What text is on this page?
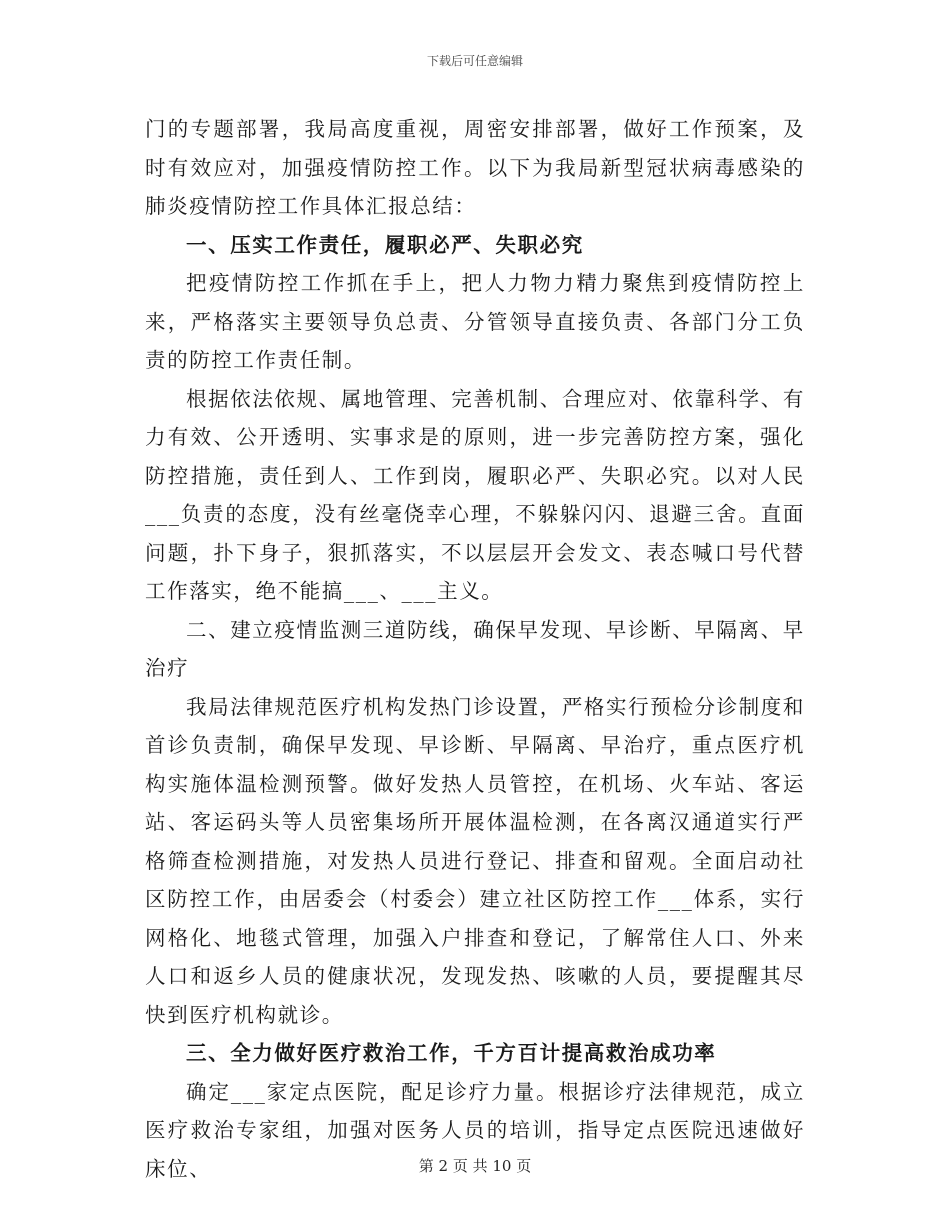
下载后可任意编辑

门的专题部署，我局高度重视，周密安排部署，做好工作预案，及时有效应对，加强疫情防控工作。以下为我局新型冠状病毒感染的肺炎疫情防控工作具体汇报总结：

一、压实工作责任，履职必严、失职必究

把疫情防控工作抓在手上，把人力物力精力聚焦到疫情防控上来，严格落实主要领导负总责、分管领导直接负责、各部门分工负责的防控工作责任制。

根据依法依规、属地管理、完善机制、合理应对、依靠科学、有力有效、公开透明、实事求是的原则，进一步完善防控方案，强化防控措施，责任到人、工作到岗，履职必严、失职必究。以对人民___负责的态度，没有丝毫侥幸心理，不躲躲闪闪、退避三舍。直面问题，扑下身子，狠抓落实，不以层层开会发文、表态喊口号代替工作落实，绝不能搞___、___主义。

二、建立疫情监测三道防线，确保早发现、早诊断、早隔离、早治疗

我局法律规范医疗机构发热门诊设置，严格实行预检分诊制度和首诊负责制，确保早发现、早诊断、早隔离、早治疗，重点医疗机构实施体温检测预警。做好发热人员管控，在机场、火车站、客运站、客运码头等人员密集场所开展体温检测，在各离汉通道实行严格筛查检测措施，对发热人员进行登记、排查和留观。全面启动社区防控工作，由居委会（村委会）建立社区防控工作___体系，实行网格化、地毯式管理，加强入户排查和登记，了解常住人口、外来人口和返乡人员的健康状况，发现发热、咳嗽的人员，要提醒其尽快到医疗机构就诊。

三、全力做好医疗救治工作，千方百计提高救治成功率

确定___家定点医院，配足诊疗力量。根据诊疗法律规范，成立医疗救治专家组，加强对医务人员的培训，指导定点医院迅速做好床位、	第 2 页 共 10 页
